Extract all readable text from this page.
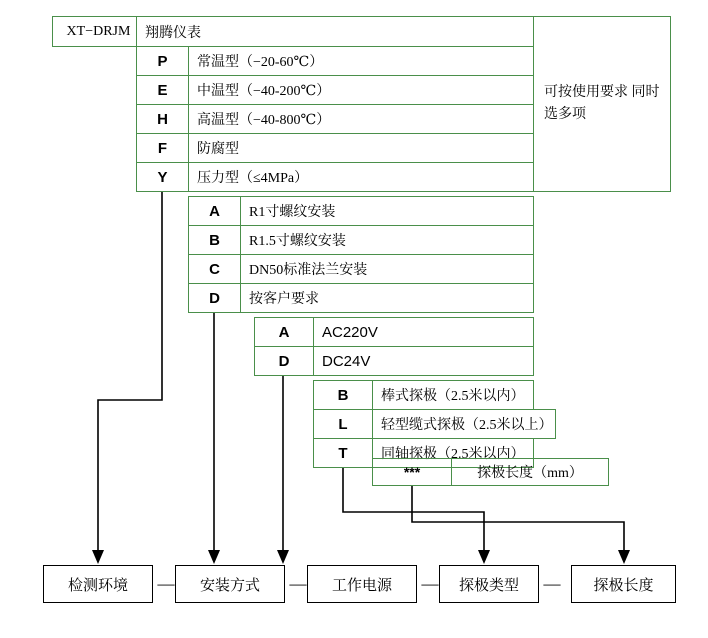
XT−DRJM 翔腾仪表
可按使用要求 同时选多项
P 常温型（−20-60℃）
E 中温型（−40-200℃）
H 高温型（−40-800℃）
F 防腐型
Y 压力型（≤4MPa）
A R1寸螺纹安装
B R1.5寸螺纹安装
C DN50标准法兰安装
D 按客户要求
A AC220V
D DC24V
B 棒式探极（2.5米以内）
L 轻型缆式探极（2.5米以上）
T 同轴探极（2.5米以内）
***	探极长度（mm）
检测环境 — 安装方式 — 工作电源 — 探极类型 — 探极长度
